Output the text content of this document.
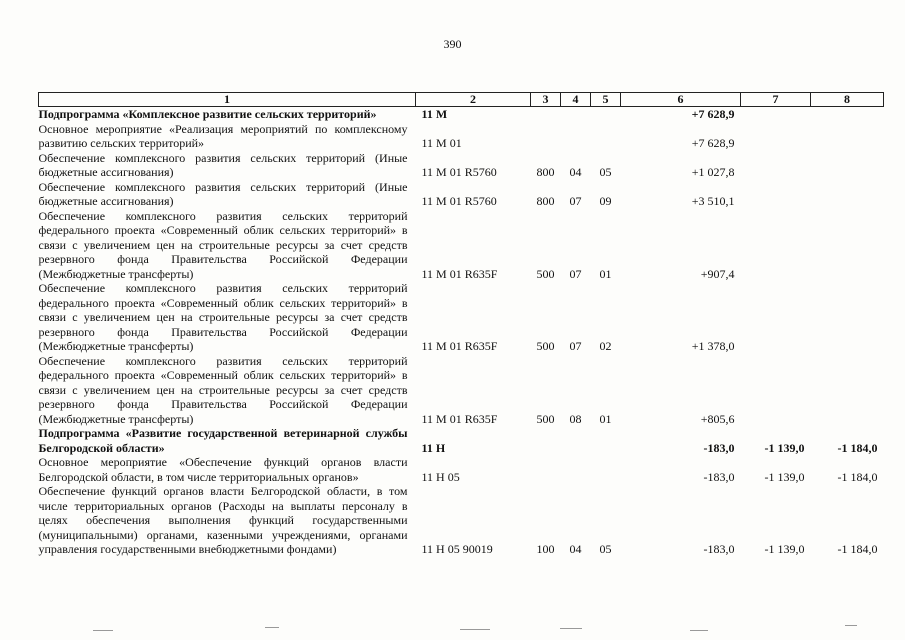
390
1	2	3	4	5	6	7	8
Подпрограмма «Комплексное развитие сельских территорий»	11 М				+7 628,9		
Основное мероприятие «Реализация мероприятий по комплексному развитию сельских территорий»	11 М 01				+7 628,9		
Обеспечение комплексного развития сельских территорий (Иные бюджетные ассигнования)	11 М 01 R5760	800	04	05	+1 027,8		
Обеспечение комплексного развития сельских территорий (Иные бюджетные ассигнования)	11 М 01 R5760	800	07	09	+3 510,1		
Обеспечение комплексного развития сельских территорий федерального проекта «Современный облик сельских территорий» в связи с увеличением цен на строительные ресурсы за счет средств резервного фонда Правительства Российской Федерации (Межбюджетные трансферты)	11 М 01 R635F	500	07	01	+907,4		
Обеспечение комплексного развития сельских территорий федерального проекта «Современный облик сельских территорий» в связи с увеличением цен на строительные ресурсы за счет средств резервного фонда Правительства Российской Федерации (Межбюджетные трансферты)	11 М 01 R635F	500	07	02	+1 378,0		
Обеспечение комплексного развития сельских территорий федерального проекта «Современный облик сельских территорий» в связи с увеличением цен на строительные ресурсы за счет средств резервного фонда Правительства Российской Федерации (Межбюджетные трансферты)	11 М 01 R635F	500	08	01	+805,6		
Подпрограмма «Развитие государственной ветеринарной службы Белгородской области»	11 Н				-183,0	-1 139,0	-1 184,0
Основное мероприятие «Обеспечение функций органов власти Белгородской области, в том числе территориальных органов»	11 Н 05				-183,0	-1 139,0	-1 184,0
Обеспечение функций органов власти Белгородской области, в том числе территориальных органов (Расходы на выплаты персоналу в целях обеспечения выполнения функций государственными (муниципальными) органами, казенными учреждениями, органами управления государственными внебюджетными фондами)	11 Н 05 90019	100	04	05	-183,0	-1 139,0	-1 184,0
